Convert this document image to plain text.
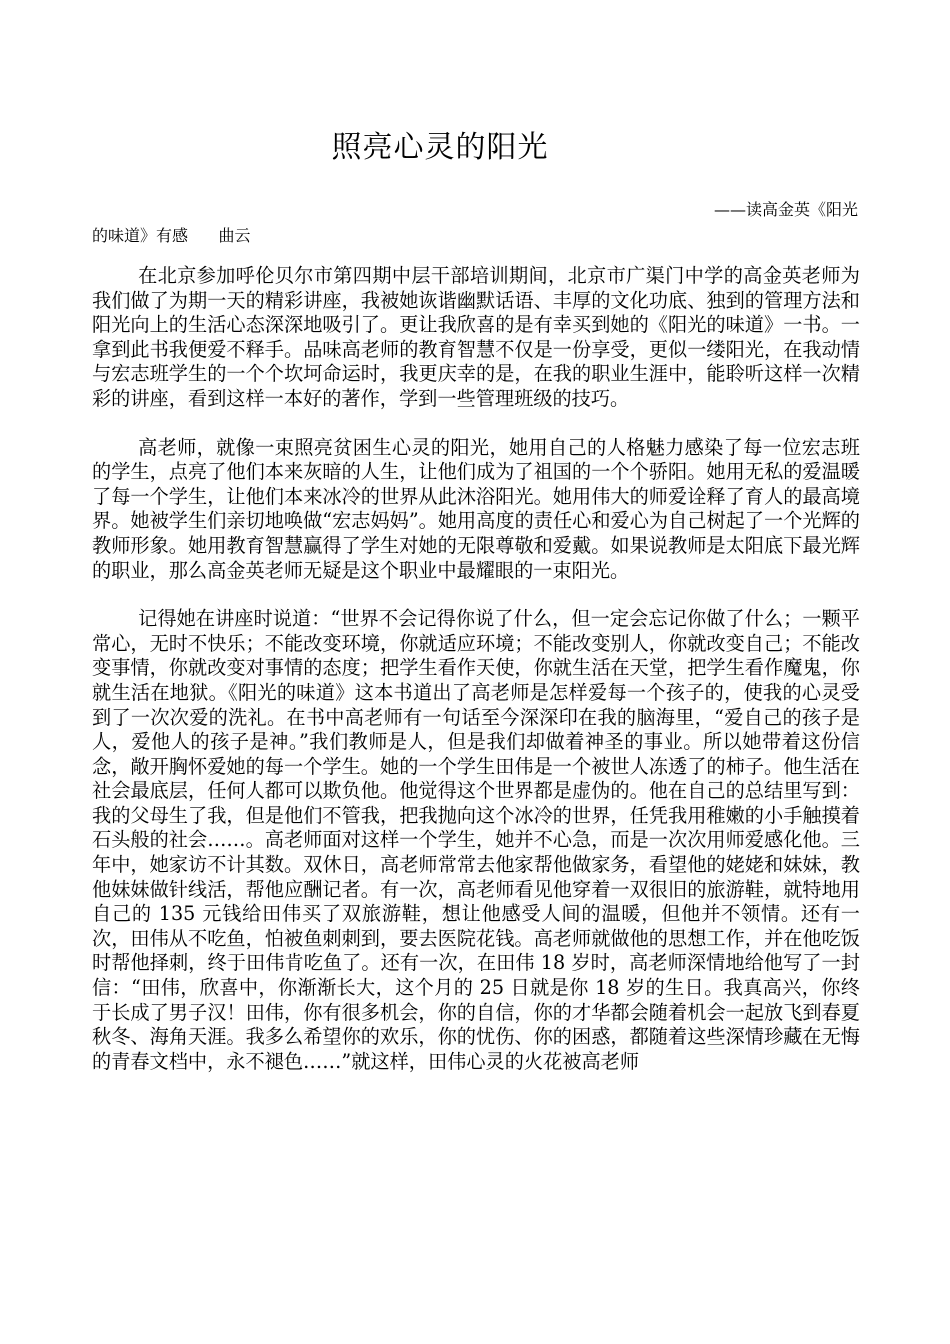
照亮心灵的阳光
——读高金英《阳光
的味道》有感      曲云

在北京参加呼伦贝尔市第四期中层干部培训期间，北京市广渠门中学的高金英老师为我们做了为期一天的精彩讲座，我被她诙谐幽默话语、丰厚的文化功底、独到的管理方法和阳光向上的生活心态深深地吸引了。更让我欣喜的是有幸买到她的《阳光的味道》一书。一拿到此书我便爱不释手。品味高老师的教育智慧不仅是一份享受，更似一缕阳光，在我动情与宏志班学生的一个个坎坷命运时，我更庆幸的是，在我的职业生涯中，能聆听这样一次精彩的讲座，看到这样一本好的著作，学到一些管理班级的技巧。

高老师，就像一束照亮贫困生心灵的阳光，她用自己的人格魅力感染了每一位宏志班的学生，点亮了他们本来灰暗的人生，让他们成为了祖国的一个个骄阳。她用无私的爱温暖了每一个学生，让他们本来冰冷的世界从此沐浴阳光。她用伟大的师爱诠释了育人的最高境界。她被学生们亲切地唤做“宏志妈妈”。她用高度的责任心和爱心为自己树起了一个光辉的教师形象。她用教育智慧赢得了学生对她的无限尊敬和爱戴。如果说教师是太阳底下最光辉的职业，那么高金英老师无疑是这个职业中最耀眼的一束阳光。

记得她在讲座时说道：“世界不会记得你说了什么，但一定会忘记你做了什么；一颗平常心，无时不快乐；不能改变环境，你就适应环境；不能改变别人，你就改变自己；不能改变事情，你就改变对事情的态度；把学生看作天使，你就生活在天堂，把学生看作魔鬼，你就生活在地狱。《阳光的味道》这本书道出了高老师是怎样爱每一个孩子的，使我的心灵受到了一次次爱的洗礼。在书中高老师有一句话至今深深印在我的脑海里，“爱自己的孩子是人，爱他人的孩子是神。”我们教师是人，但是我们却做着神圣的事业。所以她带着这份信念，敞开胸怀爱她的每一个学生。她的一个学生田伟是一个被世人冻透了的柿子。他生活在社会最底层，任何人都可以欺负他。他觉得这个世界都是虚伪的。他在自己的总结里写到：我的父母生了我，但是他们不管我，把我抛向这个冰冷的世界，任凭我用稚嫩的小手触摸着石头般的社会……。高老师面对这样一个学生，她并不心急，而是一次次用师爱感化他。三年中，她家访不计其数。双休日，高老师常常去他家帮他做家务，看望他的姥姥和妹妹，教他妹妹做针线活，帮他应酬记者。有一次，高老师看见他穿着一双很旧的旅游鞋，就特地用自己的 135 元钱给田伟买了双旅游鞋，想让他感受人间的温暖，但他并不领情。还有一次，田伟从不吃鱼，怕被鱼刺刺到，要去医院花钱。高老师就做他的思想工作，并在他吃饭时帮他择刺，终于田伟肯吃鱼了。还有一次，在田伟 18 岁时，高老师深情地给他写了一封信：“田伟，欣喜中，你渐渐长大，这个月的 25 日就是你 18 岁的生日。我真高兴，你终于长成了男子汉！田伟，你有很多机会，你的自信，你的才华都会随着机会一起放飞到春夏秋冬、海角天涯。我多么希望你的欢乐，你的忧伤、你的困惑，都随着这些深情珍藏在无悔的青春文档中，永不褪色……”就这样，田伟心灵的火花被高老师
